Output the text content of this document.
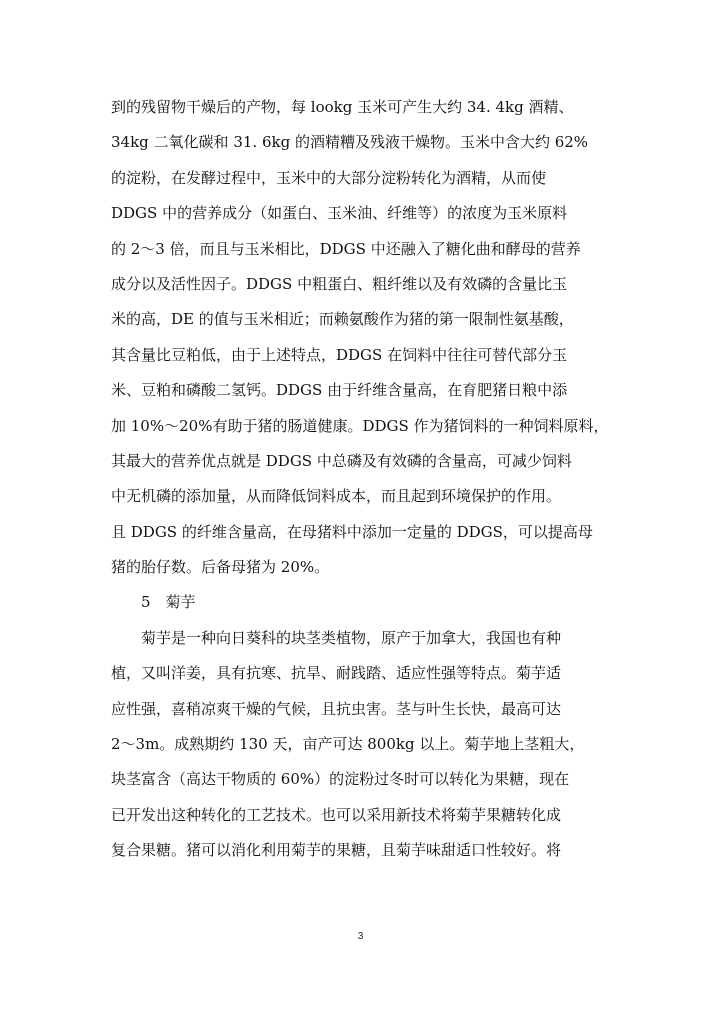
到的残留物干燥后的产物，每 lookg 玉米可产生大约 34. 4kg 酒精、
34kg 二氧化碳和 31. 6kg 的酒精糟及残液干燥物。玉米中含大约 62%
的淀粉，在发酵过程中，玉米中的大部分淀粉转化为酒精，从而使
DDGS 中的营养成分（如蛋白、玉米油、纤维等）的浓度为玉米原料
的 2～3 倍，而且与玉米相比，DDGS 中还融入了糖化曲和酵母的营养
成分以及活性因子。DDGS 中粗蛋白、粗纤维以及有效磷的含量比玉
米的高，DE 的值与玉米相近；而赖氨酸作为猪的第一限制性氨基酸，
其含量比豆粕低，由于上述特点，DDGS 在饲料中往往可替代部分玉
米、豆粕和磷酸二氢钙。DDGS 由于纤维含量高，在育肥猪日粮中添
加 10%～20%有助于猪的肠道健康。DDGS 作为猪饲料的一种饲料原料，
其最大的营养优点就是 DDGS 中总磷及有效磷的含量高，可减少饲料
中无机磷的添加量，从而降低饲料成本，而且起到环境保护的作用。
且 DDGS 的纤维含量高，在母猪料中添加一定量的 DDGS，可以提高母
猪的胎仔数。后备母猪为 20%。
5　菊芋
菊芋是一种向日葵科的块茎类植物，原产于加拿大，我国也有种
植，又叫洋姜，具有抗寒、抗旱、耐践踏、适应性强等特点。菊芋适
应性强，喜稍凉爽干燥的气候，且抗虫害。茎与叶生长快，最高可达
2～3m。成熟期约 130 天，亩产可达 800kg 以上。菊芋地上茎粗大，
块茎富含（高达干物质的 60%）的淀粉过冬时可以转化为果糖，现在
已开发出这种转化的工艺技术。也可以采用新技术将菊芋果糖转化成
复合果糖。猪可以消化利用菊芋的果糖，且菊芋味甜适口性较好。将
3
